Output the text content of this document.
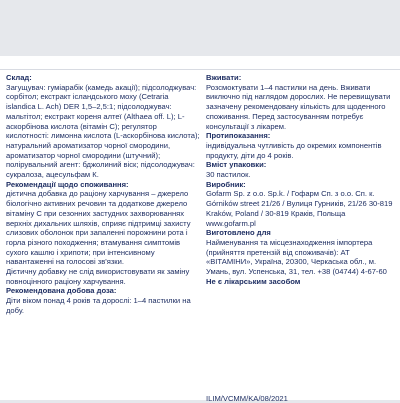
Склад:
Загущувач: гуміарабік (камедь акації); підсолоджувач: сорбітол; екстракт ісландського моху (Cetraria islandica L. Ach) DER 1,5–2,5:1; підсолоджувач: мальтітол; екстракт кореня алтеї (Althaea off. L); L-аскорбінова кислота (вітамін C); регулятор кислотності: лимонна кислота (L-аскорбінова кислота); натуральний ароматизатор чорної смородини, ароматизатор чорної смородини (штучний); полірувальний агент: бджолиний віск; підсолоджувач: сукралоза, ацесульфам К.
Рекомендації щодо споживання:
дієтична добавка до раціону харчування – джерело біологічно активних речовин та додаткове джерело вітаміну C при сезонних застудних захворюваннях верхніх дихальних шляхів, сприяє підтримці захисту слизових оболонок при запаленні порожнини рота і горла різного походження; втамування симптомів сухого кашлю і хрипоти; при інтенсивному навантаженні на голосові зв'язки.
Дієтичну добавку не слід використовувати як заміну повноцінного раціону харчування.
Рекомендована добова доза:
Діти віком понад 4 років та дорослі: 1–4 пастилки на добу.
Вживати:
Розсмоктувати 1–4 пастилки на день. Вживати виключно під наглядом дорослих. Не перевищувати зазначену рекомендовану кількість для щоденного споживання. Перед застосуванням потребує консультації з лікарем.
Протипоказання:
індивідуальна чутливість до окремих компонентів продукту, діти до 4 років.
Вміст упаковки:
30 пастилок.
Виробник:
Gofarm Sp. z o.o. Sp.k. / Гофарм Сп. з о.о. Сп. к. Górników street 21/26 / Вулиця Гурників, 21/26 30-819 Kraków, Poland / 30-819 Кракiв, Польща www.gofarm.pl
Виготовлено для
Найменування та місцезнаходження імпортера (прийняття претензій від споживачів): АТ «ВІТАМІНИ», Україна, 20300, Черкаська обл., м. Умань, вул. Успенська, 31, тел. +38 (04744) 4-67-60
Не є лікарським засобом
ILIM/VCMM/KA/08/2021
